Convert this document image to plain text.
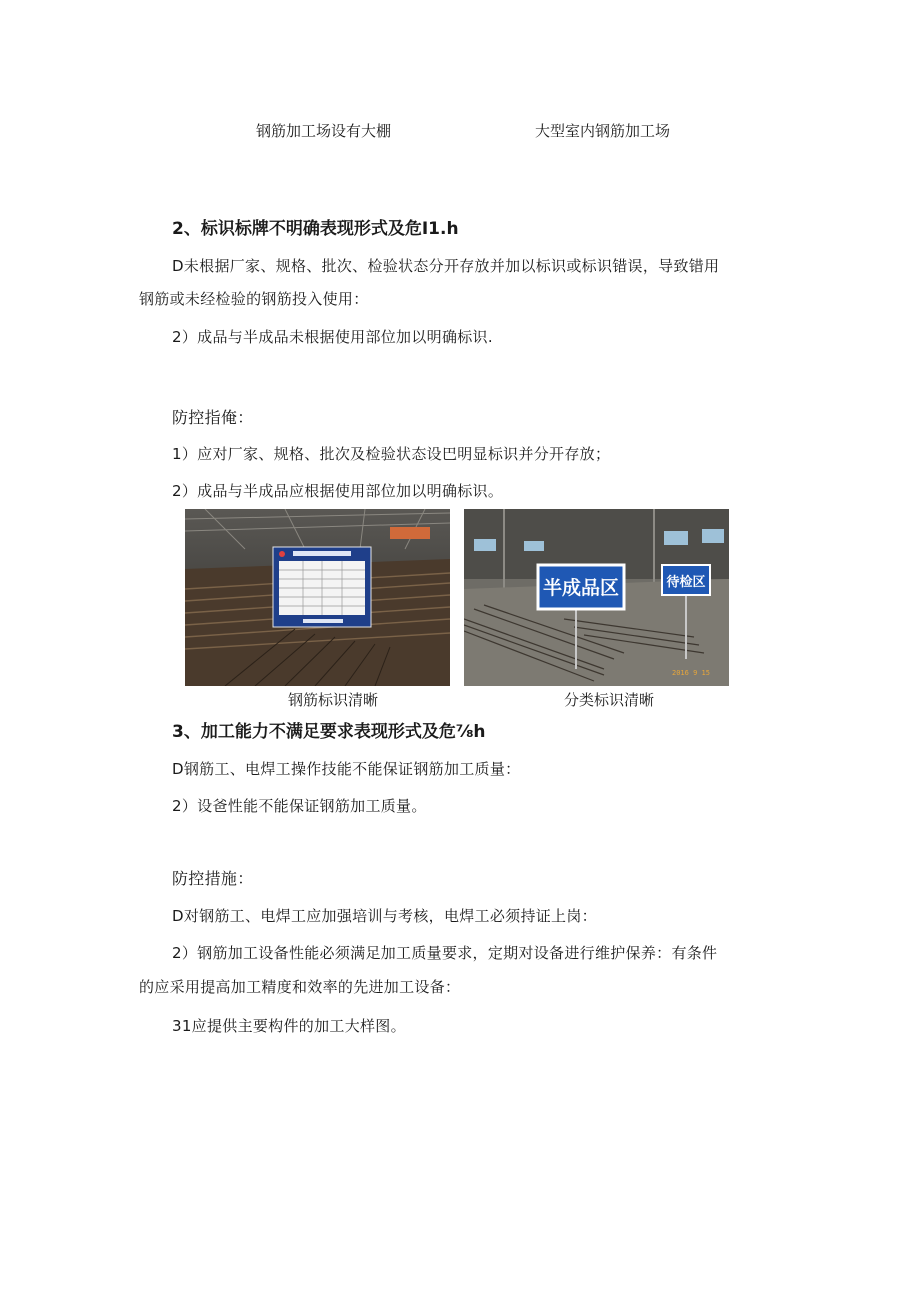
钢筋加工场设有大棚	大型室内钢筋加工场
2、标识标牌不明确表现形式及危I1.h
D未根据厂家、规格、批次、检验状态分开存放并加以标识或标识错误，导致错用
钢筋或未经检验的钢筋投入使用：
2）成品与半成品未根据使用部位加以明确标识.
防控指俺：
1）应对厂家、规格、批次及检验状态设巴明显标识并分开存放；
2）成品与半成品应根据使用部位加以明确标识。
半成品区	待检区
2016 9 15
钢筋标识清晰	分类标识清晰
3、加工能力不满足要求表现形式及危⅞h
D钢筋工、电焊工操作技能不能保证钢筋加工质量：
2）设爸性能不能保证钢筋加工质量。
防控措施：
D对钢筋工、电焊工应加强培训与考核，电焊工必须持证上岗：
2）钢筋加工设备性能必须满足加工质量要求，定期对设备进行维护保养：有条件
的应采用提高加工精度和效率的先进加工设备：
31应提供主要构件的加工大样图。
